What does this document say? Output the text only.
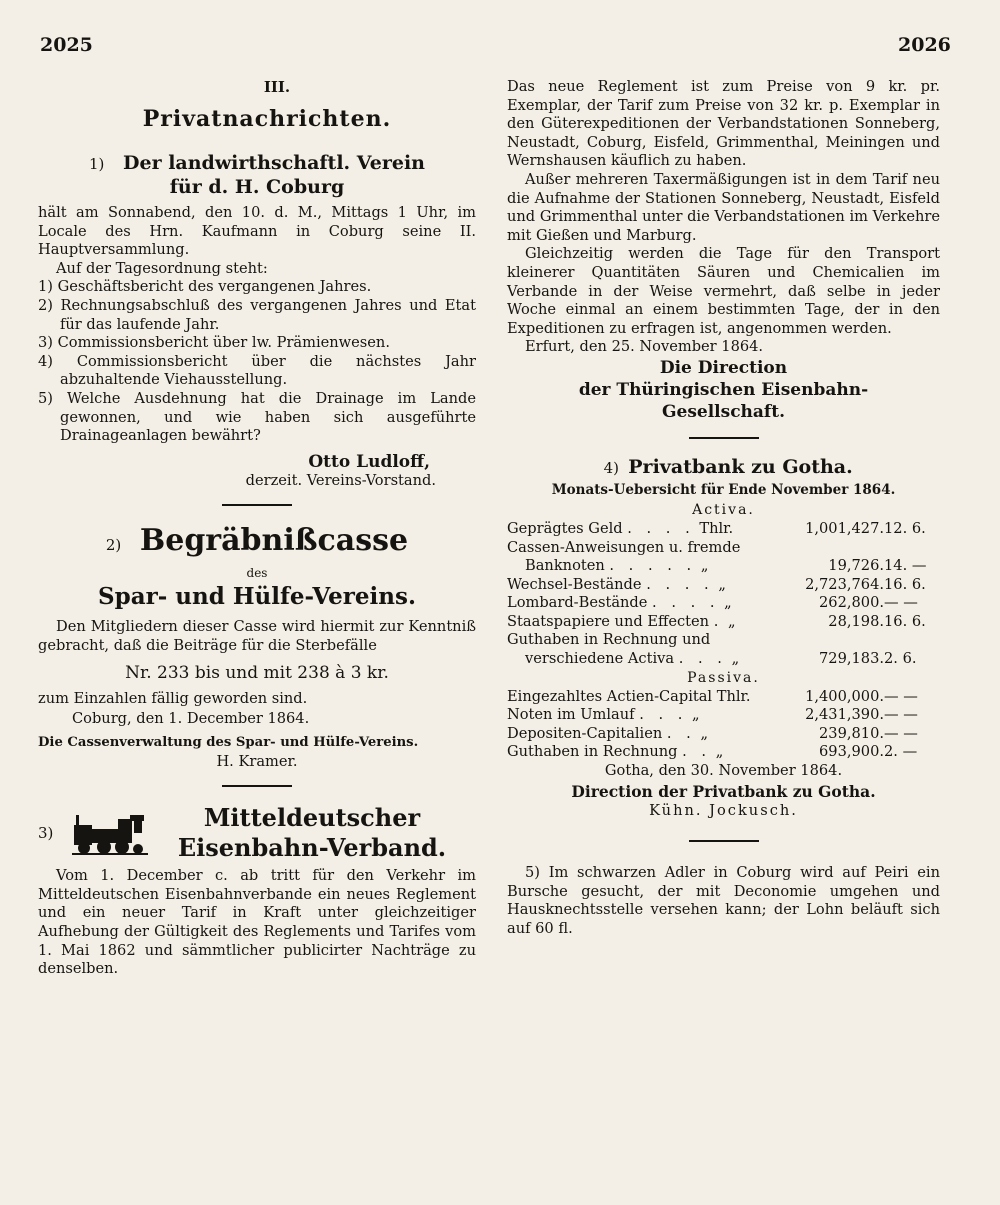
2025	2026

III.

Privatnachrichten.

1) Der landwirthschaftl. Verein

für d. H. Coburg

hält am Sonnabend, den 10. d. M., Mittags 1 Uhr, im Locale des Hrn. Kaufmann in Coburg seine II. Hauptversammlung.

Auf der Tagesordnung steht:

1) Geschäftsbericht des vergangenen Jahres.

2) Rechnungsabschluß des vergangenen Jahres und Etat für das laufende Jahr.

3) Commissionsbericht über lw. Prämienwesen.

4) Commissionsbericht über die nächstes Jahr abzuhaltende Viehausstellung.

5) Welche Ausdehnung hat die Drainage im Lande gewonnen, und wie haben sich ausgeführte Drainageanlagen bewährt?

Otto Ludloff,

derzeit. Vereins-Vorstand.

2) Begräbnißcasse

des

Spar- und Hülfe-Vereins.

Den Mitgliedern dieser Casse wird hiermit zur Kenntniß gebracht, daß die Beiträge für die Sterbefälle

Nr. 233 bis und mit 238 à 3 kr.

zum Einzahlen fällig geworden sind.

Coburg, den 1. December 1864.

Die Cassenverwaltung des Spar- und Hülfe-Vereins.

H. Kramer.

3)

Mitteldeutscher

Eisenbahn-Verband.

Vom 1. December c. ab tritt für den Verkehr im Mitteldeutschen Eisenbahnverbande ein neues Reglement und ein neuer Tarif in Kraft unter gleichzeitiger Aufhebung der Gültigkeit des Reglements und Tarifes vom 1. Mai 1862 und sämmtlicher publicirter Nachträge zu denselben.

Das neue Reglement ist zum Preise von 9 kr. pr. Exemplar, der Tarif zum Preise von 32 kr. p. Exemplar in den Güterexpeditionen der Verbandstationen Sonneberg, Neustadt, Coburg, Eisfeld, Grimmenthal, Meiningen und Wernshausen käuflich zu haben.

Außer mehreren Taxermäßigungen ist in dem Tarif neu die Aufnahme der Stationen Sonneberg, Neustadt, Eisfeld und Grimmenthal unter die Verbandstationen im Verkehre mit Gießen und Marburg.

Gleichzeitig werden die Tage für den Transport kleinerer Quantitäten Säuren und Chemicalien im Verbande in der Weise vermehrt, daß selbe in jeder Woche einmal an einem bestimmten Tage, der in den Expeditionen zu erfragen ist, angenommen werden.

Erfurt, den 25. November 1864.

Die Direction

der Thüringischen Eisenbahn-

Gesellschaft.

4) Privatbank zu Gotha.

Monats-Uebersicht für Ende November 1864.

Activa.

Geprägtes Geld . . . . Thlr.	1,001,427.	12. 6.
Cassen-Anweisungen u. fremde		
Banknoten . . . . . „	19,726.	14. —
Wechsel-Bestände . . . . „	2,723,764.	16. 6.
Lombard-Bestände . . . . „	262,800.	— —
Staatspapiere und Effecten . „	28,198.	16. 6.
Guthaben in Rechnung und		
verschiedene Activa . . . „	729,183.	2. 6.

Passiva.

Eingezahltes Actien-Capital Thlr.	1,400,000.	— —
Noten im Umlauf . . . „	2,431,390.	— —
Depositen-Capitalien . . „	239,810.	— —
Guthaben in Rechnung . . „	693,900.	2. —

Gotha, den 30. November 1864.

Direction der Privatbank zu Gotha.

Kühn. Jockusch.

5) Im schwarzen Adler in Coburg wird auf Peiri ein Bursche gesucht, der mit Deconomie umgehen und Hausknechtsstelle versehen kann; der Lohn beläuft sich auf 60 fl.
